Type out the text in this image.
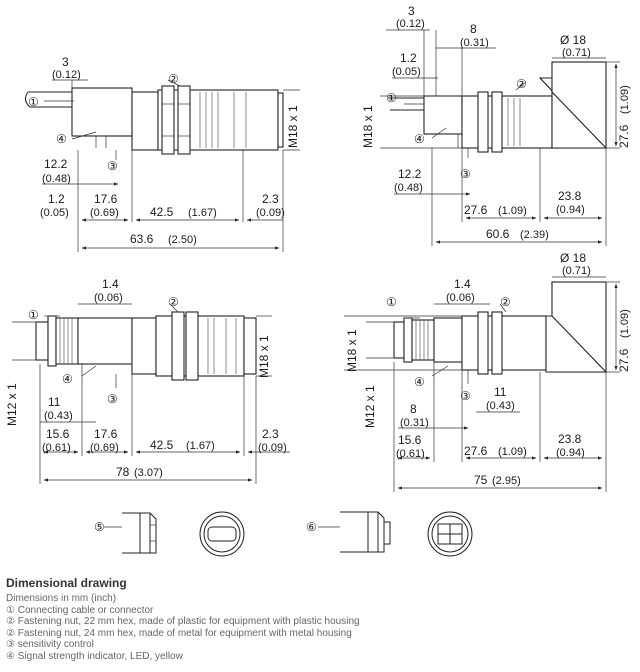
①
④
②
③
3
(0.12)
M18 x 1
12.2
(0.48)
1.2
(0.05)
17.6
(0.69)	42.5 (1.67)
2.3
(0.09)
63.6 (2.50)
①
④
②
③
3
(0.12)	8
(0.31)
1.2
(0.05)
Ø 18
(0.71)
M18 x 1	27.6
(1.09)
12.2
(0.48)
27.6 (1.09)
23.8
(0.94)
60.6 (2.39)
①
④
②
③
1.4
(0.06)
M18 x 1
M12 x 1 11
(0.43)
15.6
(0.61)
17.6
(0.69)	42.5 (1.67)
2.3
(0.09)
78 (3.07)
①
④
②
③
1.4
(0.06)
Ø 18
(0.71)
27.6
(1.09)
M18 x 1
M12 x 1	11
(0.43)
8
(0.31)
15.6
(0.61)	27.6 (1.09)
23.8
(0.94)
75 (2.95)
⑤	⑥
Dimensional drawing
Dimensions in mm (inch)
① Connecting cable or connector
② Fastening nut, 22 mm hex, made of plastic for equipment with plastic housing
② Fastening nut, 24 mm hex, made of metal for equipment with metal housing
③ sensitivity control
④ Signal strength indicator, LED, yellow
